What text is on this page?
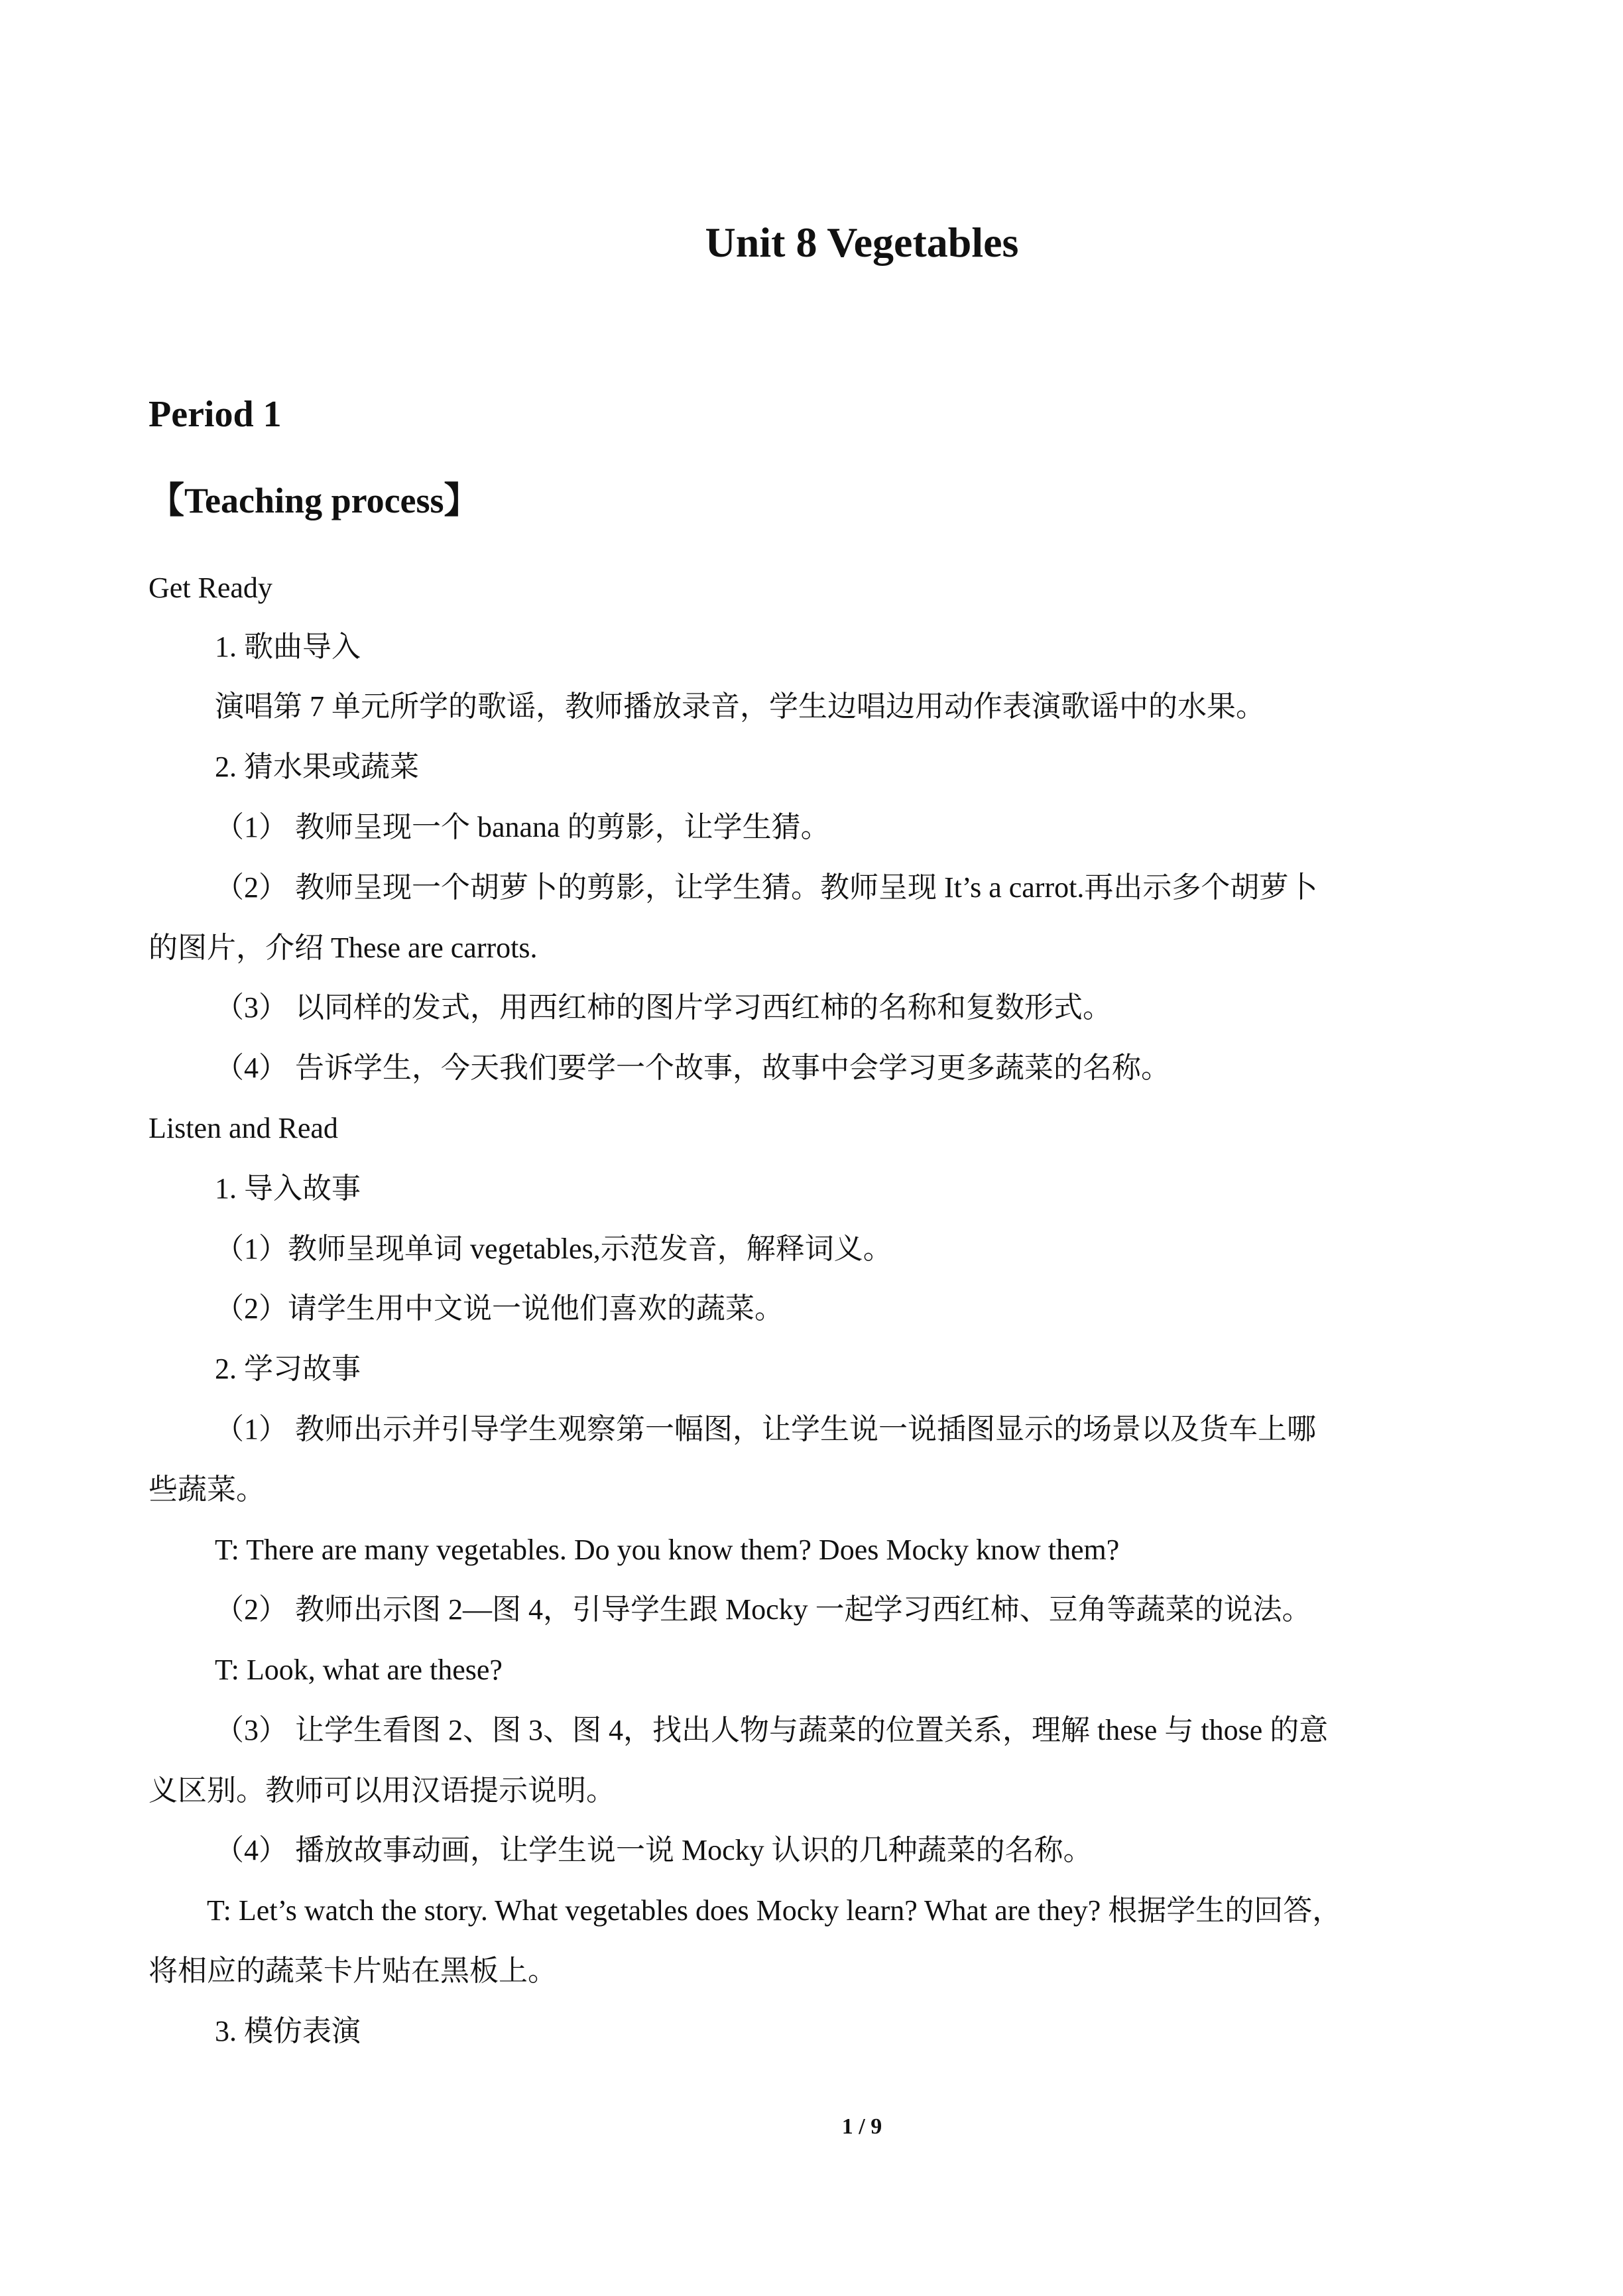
Unit 8 Vegetables
Period 1
【Teaching process】

Get Ready

1. 歌曲导入

演唱第 7 单元所学的歌谣，教师播放录音，学生边唱边用动作表演歌谣中的水果。

2. 猜水果或蔬菜

（1） 教师呈现一个 banana 的剪影，让学生猜。

（2） 教师呈现一个胡萝卜的剪影，让学生猜。教师呈现 It’s a carrot.再出示多个胡萝卜

的图片，介绍 These are carrots.

（3） 以同样的发式，用西红柿的图片学习西红柿的名称和复数形式。

（4） 告诉学生，今天我们要学一个故事，故事中会学习更多蔬菜的名称。

Listen and Read

1. 导入故事

（1）教师呈现单词 vegetables,示范发音，解释词义。

（2）请学生用中文说一说他们喜欢的蔬菜。

2. 学习故事

（1） 教师出示并引导学生观察第一幅图，让学生说一说插图显示的场景以及货车上哪

些蔬菜。

T: There are many vegetables. Do you know them? Does Mocky know them?

（2） 教师出示图 2—图 4，引导学生跟 Mocky 一起学习西红柿、豆角等蔬菜的说法。

T: Look, what are these?

（3） 让学生看图 2、图 3、图 4，找出人物与蔬菜的位置关系，理解 these 与 those 的意

义区别。教师可以用汉语提示说明。

（4） 播放故事动画，让学生说一说 Mocky 认识的几种蔬菜的名称。

T: Let’s watch the story. What vegetables does Mocky learn? What are they? 根据学生的回答，

将相应的蔬菜卡片贴在黑板上。

3. 模仿表演

1 / 9
